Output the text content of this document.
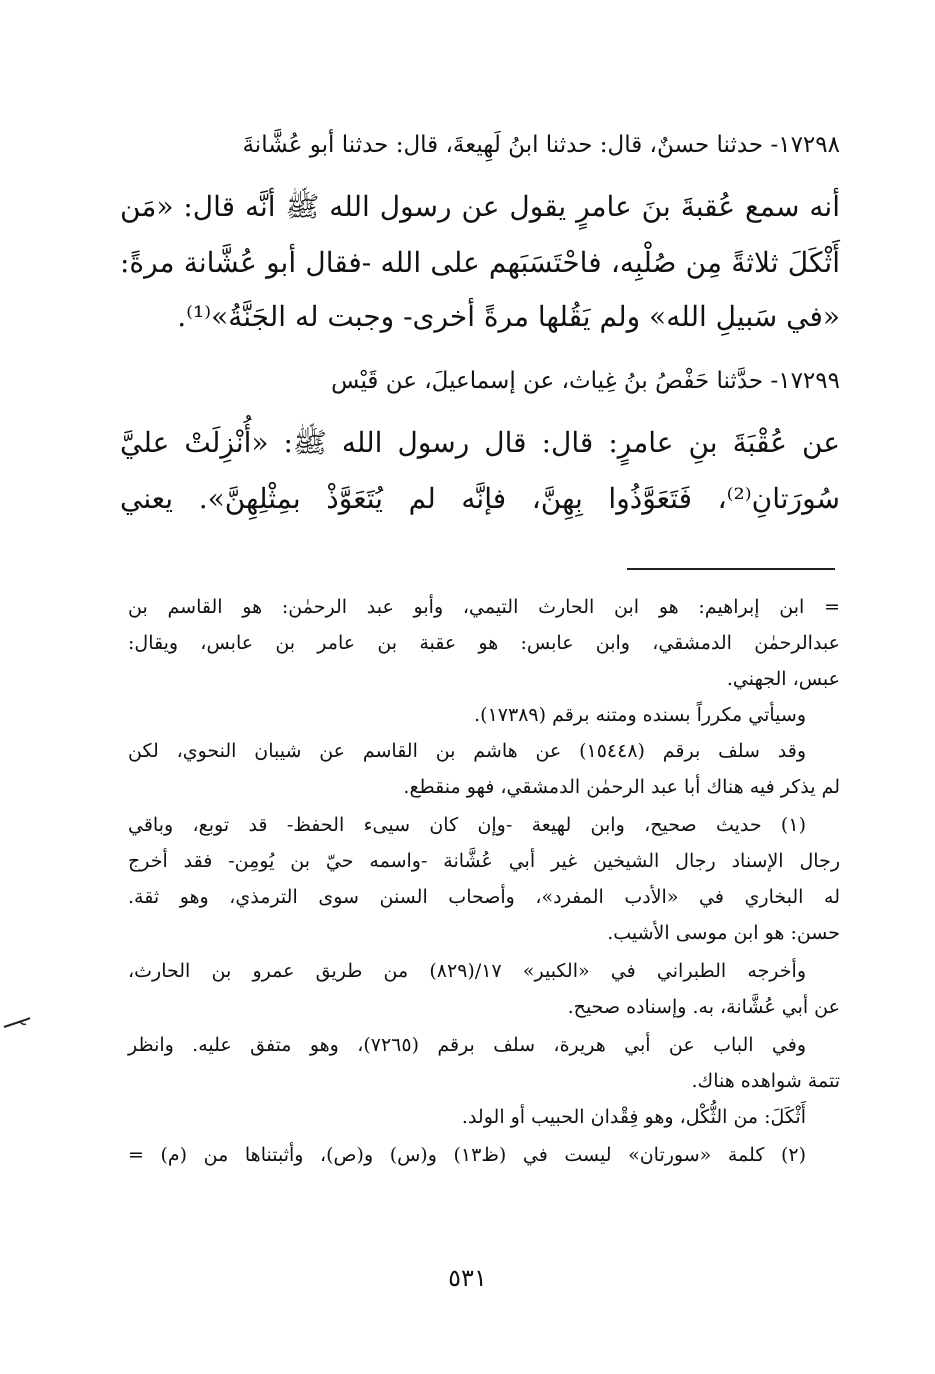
١٧٢٩٨- حدثنا حسنٌ، قال: حدثنا ابنُ لَهِيعةَ، قال: حدثنا أبو عُشَّانةَ
أنه سمع عُقبةَ بنَ عامرٍ يقول عن رسول الله ﷺ أنَّه قال: «مَن
أَثْكَلَ ثلاثةً مِن صُلْبِه، فاحْتَسَبَهم على الله -فقال أبو عُشَّانة مرةً:
«في سَبيلِ الله» ولم يَقُلها مرةً أخرى- وجبت له الجَنَّةُ»⁽¹⁾.
١٧٢٩٩- حدَّثنا حَفْصُ بنُ غِياث، عن إسماعيلَ، عن قَيْس
عن عُقْبَةَ بنِ عامرٍ: قال: قال رسول الله ﷺ: «أُنْزِلَتْ عليَّ
سُورَتانِ⁽²⁾، فَتَعَوَّذُوا بِهِنَّ، فإنَّه لم يُتَعَوَّذْ بمِثْلِهِنَّ». يعني
= ابن إبراهيم: هو ابن الحارث التيمي، وأبو عبد الرحمٰن: هو القاسم بن
عبدالرحمٰن الدمشقي، وابن عابس: هو عقبة بن عامر بن عابس، ويقال:
عبس، الجهني.
وسيأتي مكرراً بسنده ومتنه برقم (١٧٣٨٩).
وقد سلف برقم (١٥٤٤٨) عن هاشم بن القاسم عن شيبان النحوي، لكن
لم يذكر فيه هناك أبا عبد الرحمٰن الدمشقي، فهو منقطع.
(١) حديث صحيح، وابن لهيعة -وإن كان سيىء الحفظ- قد توبع، وباقي
رجال الإسناد رجال الشيخين غير أبي عُشَّانة -واسمه حيّ بن يُومِن- فقد أخرج
له البخاري في «الأدب المفرد»، وأصحاب السنن سوى الترمذي، وهو ثقة.
حسن: هو ابن موسى الأشيب.
وأخرجه الطبراني في «الكبير» ١٧/(٨٢٩) من طريق عمرو بن الحارث،
عن أبي عُشَّانة، به. وإسناده صحيح.
وفي الباب عن أبي هريرة، سلف برقم (٧٢٦٥)، وهو متفق عليه. وانظر
تتمة شواهده هناك.
أَثْكَلَ: من الثُّكْل، وهو فِقْدان الحبيب أو الولد.
(٢) كلمة «سورتان» ليست في (ظ١٣) و(س) و(ص)، وأثبتناها من (م) =
٥٣١
